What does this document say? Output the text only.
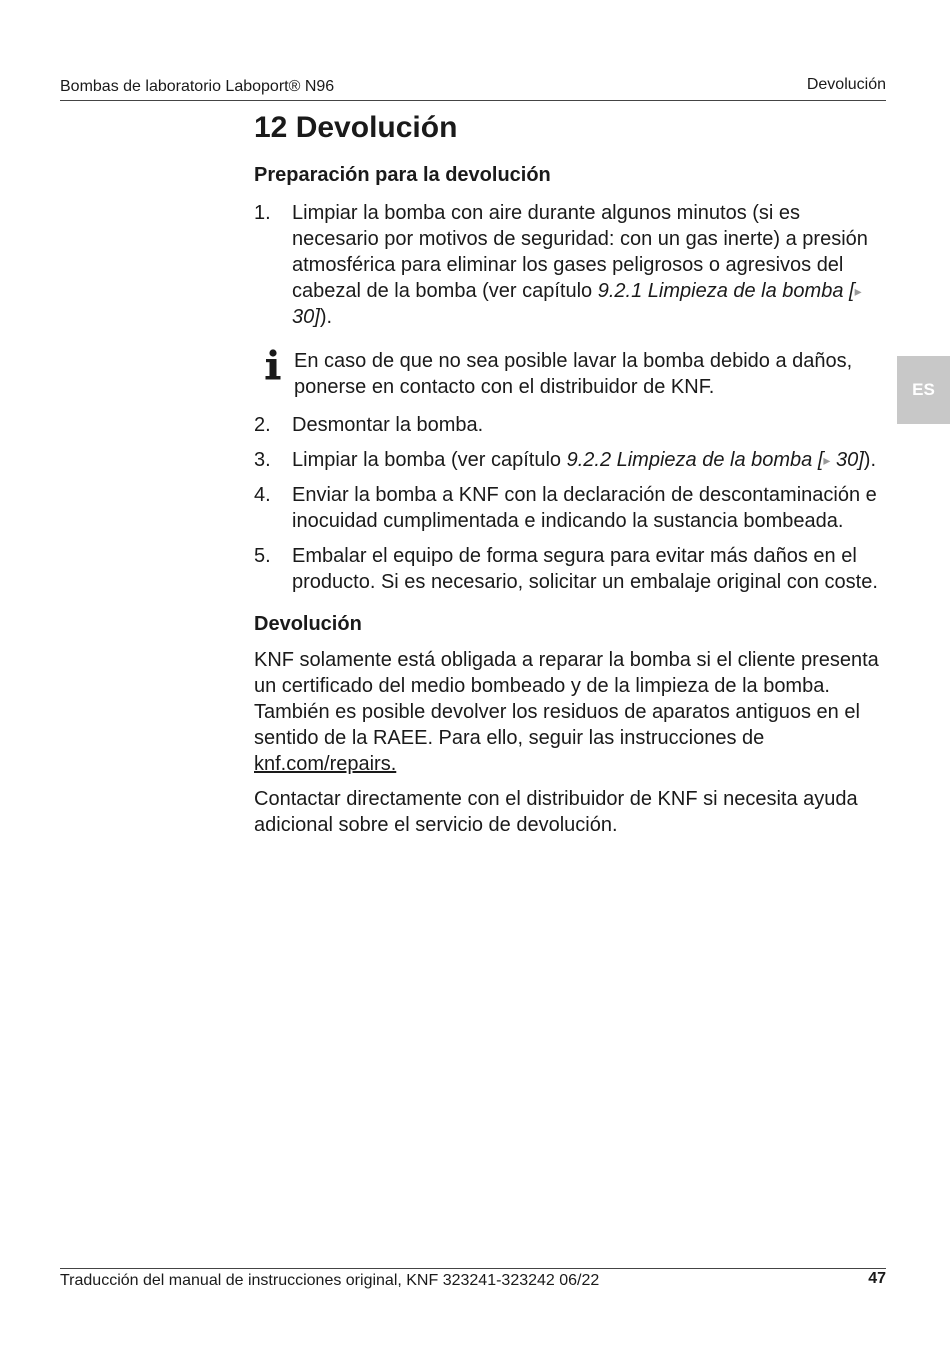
Bombas de laboratorio Laboport® N96	Devolución
ES
12 Devolución
Preparación para la devolución
1. Limpiar la bomba con aire durante algunos minutos (si es necesario por motivos de seguridad: con un gas inerte) a presión atmosférica para eliminar los gases peligrosos o agresivos del cabezal de la bomba (ver capítulo 9.2.1 Limpieza de la bomba [▸ 30]).
En caso de que no sea posible lavar la bomba debido a daños, ponerse en contacto con el distribuidor de KNF.
2. Desmontar la bomba.
3. Limpiar la bomba (ver capítulo 9.2.2 Limpieza de la bomba [▸ 30]).
4. Enviar la bomba a KNF con la declaración de descontaminación e inocuidad cumplimentada e indicando la sustancia bombeada.
5. Embalar el equipo de forma segura para evitar más daños en el producto. Si es necesario, solicitar un embalaje original con coste.
Devolución

KNF solamente está obligada a reparar la bomba si el cliente presenta un certificado del medio bombeado y de la limpieza de la bomba. También es posible devolver los residuos de aparatos antiguos en el sentido de la RAEE. Para ello, seguir las instrucciones de knf.com/repairs.

Contactar directamente con el distribuidor de KNF si necesita ayuda adicional sobre el servicio de devolución.

Traducción del manual de instrucciones original, KNF 323241-323242 06/22	47
